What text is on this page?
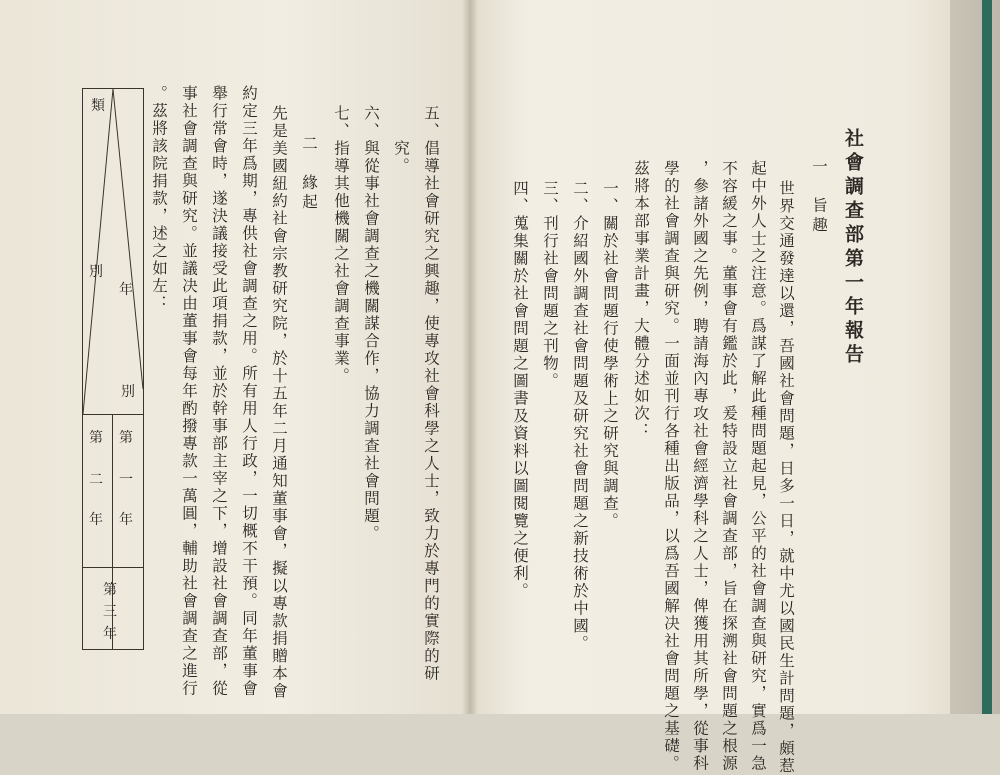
社會調查部第一年報告
一　旨趣
世界交通發達以還，吾國社會問題，日多一日，就中尤以國民生計問題，頗惹
起中外人士之注意。爲謀了解此種問題起見，公平的社會調查與研究，實爲一急
不容緩之事。董事會有鑑於此，爰特設立社會調查部，旨在探溯社會問題之根源
，參諸外國之先例，聘請海內專攻社會經濟學科之人士，俾獲用其所學，從事科
學的社會調查與研究。一面並刊行各種出版品，以爲吾國解决社會問題之基礎。
茲將本部事業計畫，大體分述如次：
一、關於社會問題行使學術上之研究與調查。
二、介紹國外調查社會問題及研究社會問題之新技術於中國。
三、刊行社會問題之刊物。
四、蒐集關於社會問題之圖書及資料以圖閱覽之便利。
五、倡導社會研究之興趣，使專攻社會科學之人士，致力於專門的實際的研
究。
六、與從事社會調查之機關謀合作，協力調查社會問題。
七、指導其他機關之社會調查事業。
二　緣起
先是美國紐約社會宗教研究院，於十五年二月通知董事會，擬以專款捐贈本會
約定三年爲期，專供社會調查之用。所有用人行政，一切概不干預。同年董事會
舉行常會時，遂決議接受此項捐款，並於幹事部主宰之下，增設社會調查部，從
事社會調查與研究。並議决由董事會每年酌撥專款一萬圓，輔助社會調查之進行
。茲將該院捐款，述之如左：
類
別
年
別
第
一
年
第
二
年
第
三
年
